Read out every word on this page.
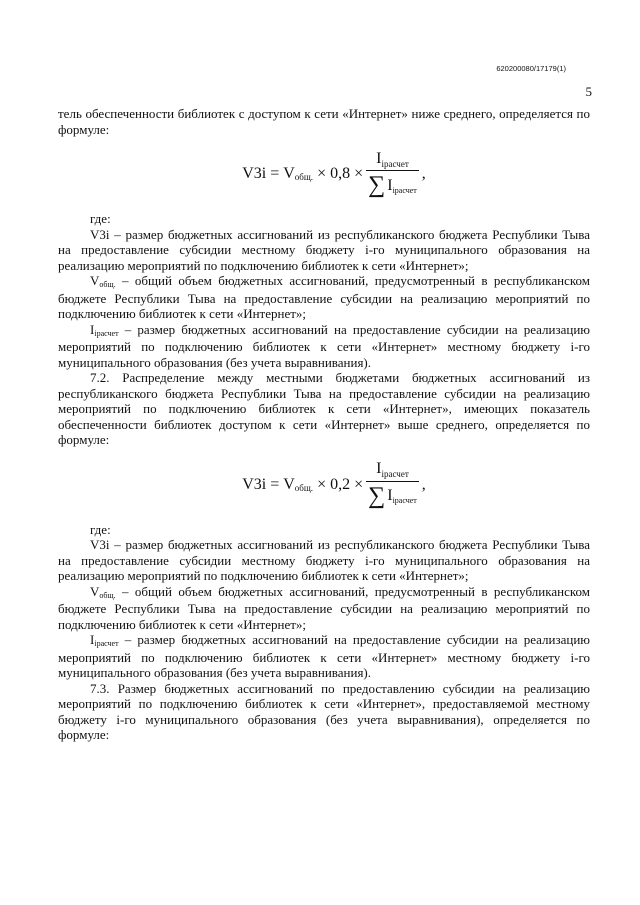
620200080/17179(1)
5

тель обеспеченности библиотек с доступом к сети «Интернет» ниже среднего, определяется по формуле:

V3i
=
V общ.
×
0,8
× $\frac{I_{iрасчет}}{\text{∑ I iрасчет}}$ ,

где:

V3i – размер бюджетных ассигнований из республиканского бюджета Республики Тыва на предоставление субсидии местному бюджету i-го муниципального образования на реализацию мероприятий по подключению библиотек к сети «Интернет»;

Vобщ. – общий объем бюджетных ассигнований, предусмотренный в республиканском бюджете Республики Тыва на предоставление субсидии на реализацию мероприятий по подключению библиотек к сети «Интернет»;

Iiрасчет – размер бюджетных ассигнований на предоставление субсидии на реализацию мероприятий по подключению библиотек к сети «Интернет» местному бюджету i-го муниципального образования (без учета выравнивания).

7.2. Распределение между местными бюджетами бюджетных ассигнований из республиканского бюджета Республики Тыва на предоставление субсидии на реализацию мероприятий по подключению библиотек к сети «Интернет», имеющих показатель обеспеченности библиотек доступом к сети «Интернет» выше среднего, определяется по формуле:

V3i
=
V общ.
×
0,2
× $\frac{I_{iрасчет}}{\text{∑ I iрасчет}}$ ,

где:

V3i – размер бюджетных ассигнований из республиканского бюджета Республики Тыва на предоставление субсидии местному бюджету i-го муниципального образования на реализацию мероприятий по подключению библиотек к сети «Интернет»;

Vобщ. – общий объем бюджетных ассигнований, предусмотренный в республиканском бюджете Республики Тыва на предоставление субсидии на реализацию мероприятий по подключению библиотек к сети «Интернет»;

Iiрасчет – размер бюджетных ассигнований на предоставление субсидии на реализацию мероприятий по подключению библиотек к сети «Интернет» местному бюджету i-го муниципального образования (без учета выравнивания).

7.3. Размер бюджетных ассигнований по предоставлению субсидии на реализацию мероприятий по подключению библиотек к сети «Интернет», предоставляемой местному бюджету i-го муниципального образования (без учета выравнивания), определяется по формуле:
